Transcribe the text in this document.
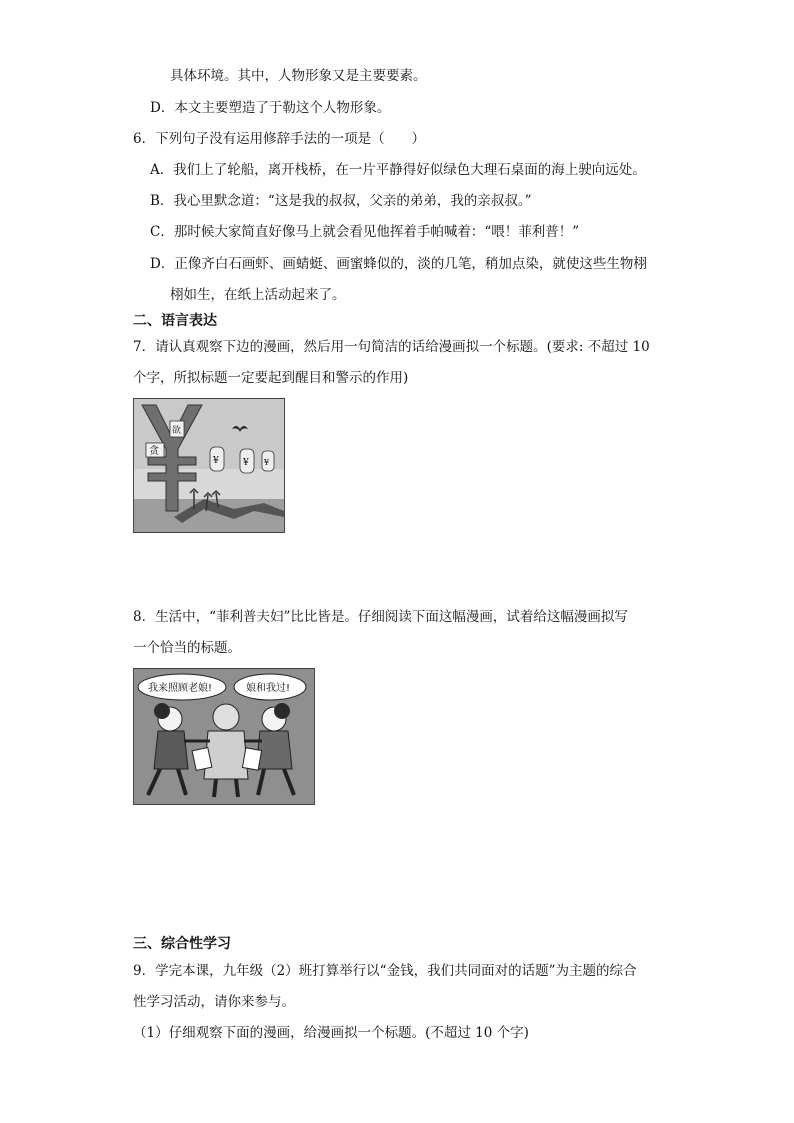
具体环境。其中，人物形象又是主要要素。
D．本文主要塑造了于勒这个人物形象。
6．下列句子没有运用修辞手法的一项是（　　）
A．我们上了轮船，离开栈桥，在一片平静得好似绿色大理石桌面的海上驶向远处。
B．我心里默念道：“这是我的叔叔，父亲的弟弟，我的亲叔叔。”
C．那时候大家简直好像马上就会看见他挥着手帕喊着：“喂！菲利普！”
D．正像齐白石画虾、画蜻蜓、画蜜蜂似的，淡的几笔，稍加点染，就使这些生物栩
栩如生，在纸上活动起来了。
二、语言表达
7．请认真观察下边的漫画，然后用一句简洁的话给漫画拟一个标题。(要求: 不超过 10
个字，所拟标题一定要起到醒目和警示的作用)
贪
欲
¥	¥ ¥
8．生活中，“菲利普夫妇”比比皆是。仔细阅读下面这幅漫画，试着给这幅漫画拟写
一个恰当的标题。
我来照顾老娘!	娘和我过!
三、综合性学习
9．学完本课，九年级（2）班打算举行以“金钱，我们共同面对的话题”为主题的综合
性学习活动，请你来参与。
（1）仔细观察下面的漫画，给漫画拟一个标题。(不超过 10 个字)
